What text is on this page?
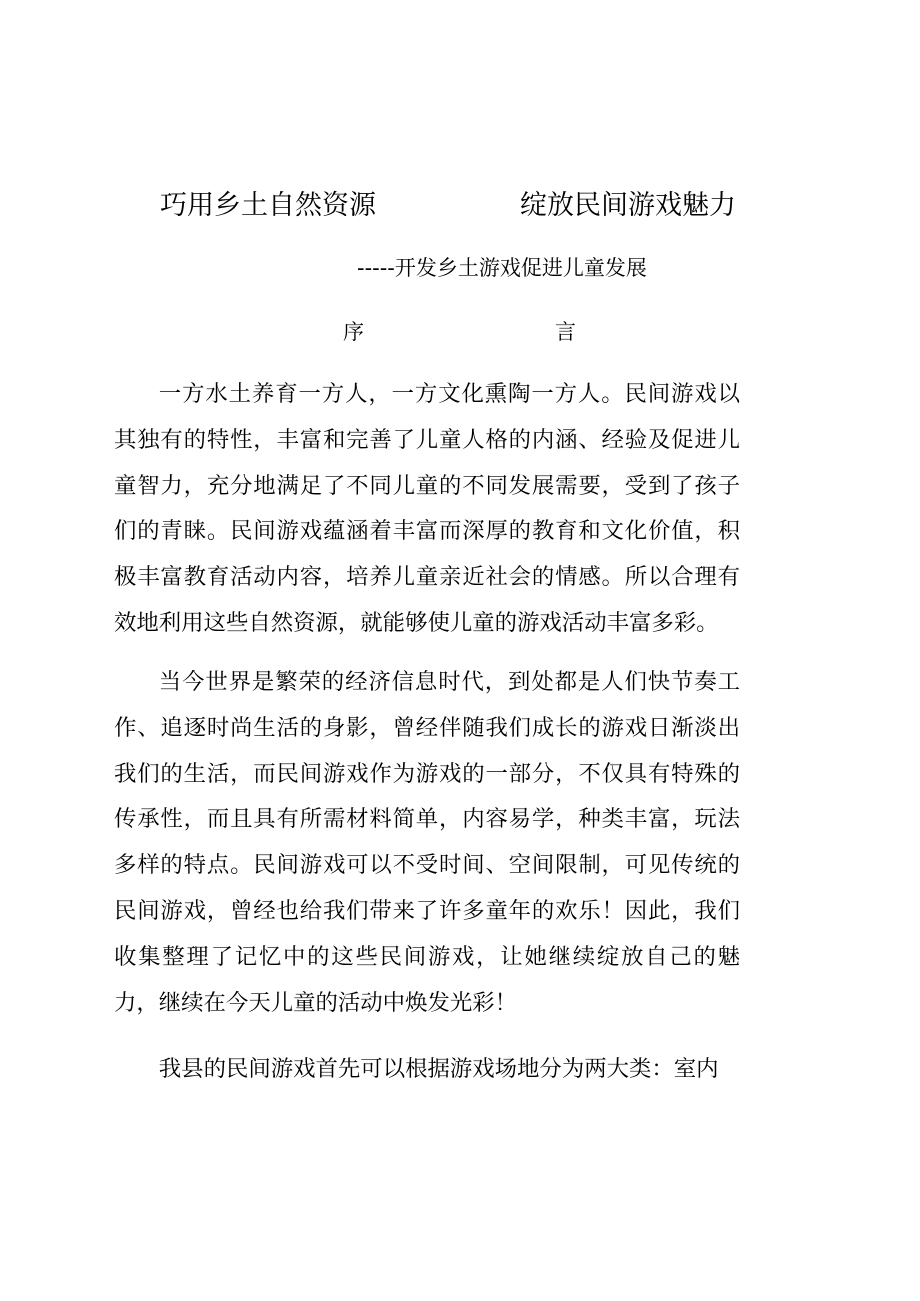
巧用乡土自然资源	绽放民间游戏魅力
-----开发乡土游戏促进儿童发展
序	言

一方水土养育一方人，一方文化熏陶一方人。民间游戏以其独有的特性，丰富和完善了儿童人格的内涵、经验及促进儿童智力，充分地满足了不同儿童的不同发展需要，受到了孩子们的青睐。民间游戏蕴涵着丰富而深厚的教育和文化价值，积极丰富教育活动内容，培养儿童亲近社会的情感。所以合理有效地利用这些自然资源，就能够使儿童的游戏活动丰富多彩。

当今世界是繁荣的经济信息时代，到处都是人们快节奏工作、追逐时尚生活的身影，曾经伴随我们成长的游戏日渐淡出我们的生活，而民间游戏作为游戏的一部分，不仅具有特殊的传承性，而且具有所需材料简单，内容易学，种类丰富，玩法多样的特点。民间游戏可以不受时间、空间限制，可见传统的民间游戏，曾经也给我们带来了许多童年的欢乐！因此，我们收集整理了记忆中的这些民间游戏，让她继续绽放自己的魅力，继续在今天儿童的活动中焕发光彩！

我县的民间游戏首先可以根据游戏场地分为两大类：室内
